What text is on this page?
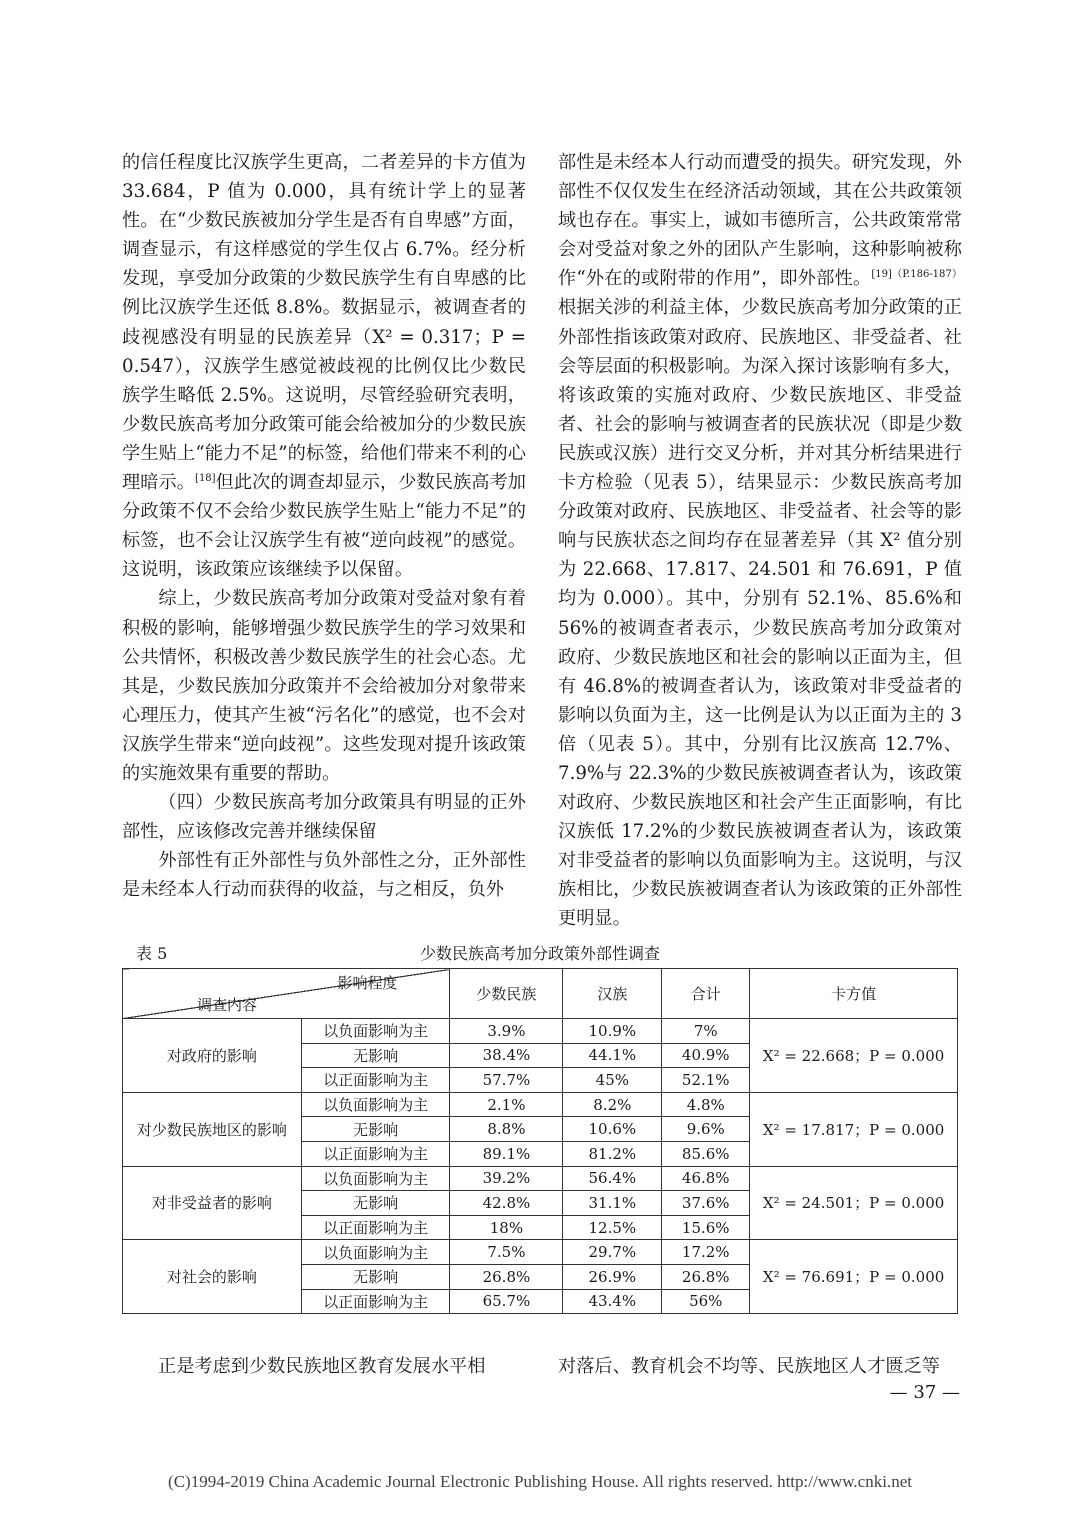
的信任程度比汉族学生更高，二者差异的卡方值为 33.684，P 值为 0.000，具有统计学上的显著性。在“少数民族被加分学生是否有自卑感”方面，调查显示，有这样感觉的学生仅占 6.7%。经分析发现，享受加分政策的少数民族学生有自卑感的比例比汉族学生还低 8.8%。数据显示，被调查者的歧视感没有明显的民族差异（X² = 0.317；P = 0.547），汉族学生感觉被歧视的比例仅比少数民族学生略低 2.5%。这说明，尽管经验研究表明，少数民族高考加分政策可能会给被加分的少数民族学生贴上“能力不足”的标签，给他们带来不利的心理暗示。[18]但此次的调查却显示，少数民族高考加分政策不仅不会给少数民族学生贴上“能力不足”的标签，也不会让汉族学生有被“逆向歧视”的感觉。这说明，该政策应该继续予以保留。

综上，少数民族高考加分政策对受益对象有着积极的影响，能够增强少数民族学生的学习效果和公共情怀，积极改善少数民族学生的社会心态。尤其是，少数民族加分政策并不会给被加分对象带来心理压力，使其产生被“污名化”的感觉，也不会对汉族学生带来“逆向歧视”。这些发现对提升该政策的实施效果有重要的帮助。

（四）少数民族高考加分政策具有明显的正外部性，应该修改完善并继续保留

外部性有正外部性与负外部性之分，正外部性是未经本人行动而获得的收益，与之相反，负外

部性是未经本人行动而遭受的损失。研究发现，外部性不仅仅发生在经济活动领域，其在公共政策领域也存在。事实上，诚如韦德所言，公共政策常常会对受益对象之外的团队产生影响，这种影响被称作“外在的或附带的作用”，即外部性。$^{[19](P.186-187)}$根据关涉的利益主体，少数民族高考加分政策的正外部性指该政策对政府、民族地区、非受益者、社会等层面的积极影响。为深入探讨该影响有多大，将该政策的实施对政府、少数民族地区、非受益者、社会的影响与被调查者的民族状况（即是少数民族或汉族）进行交叉分析，并对其分析结果进行卡方检验（见表 5），结果显示：少数民族高考加分政策对政府、民族地区、非受益者、社会等的影响与民族状态之间均存在显著差异（其 X² 值分别为 22.668、17.817、24.501 和 76.691，P 值均为 0.000）。其中，分别有 52.1%、85.6%和 56%的被调查者表示，少数民族高考加分政策对政府、少数民族地区和社会的影响以正面为主，但有 46.8%的被调查者认为，该政策对非受益者的影响以负面为主，这一比例是认为以正面为主的 3 倍（见表 5）。其中，分别有比汉族高 12.7%、7.9%与 22.3%的少数民族被调查者认为，该政策对政府、少数民族地区和社会产生正面影响，有比汉族低 17.2%的少数民族被调查者认为，该政策对非受益者的影响以负面影响为主。这说明，与汉族相比，少数民族被调查者认为该政策的正外部性更明显。

表 5	少数民族高考加分政策外部性调查
影响程度
调查内容		少数民族	汉族	合计	卡方值
对政府的影响	以负面影响为主	3.9%	10.9%	7%	X² = 22.668；P = 0.000
	无影响	38.4%	44.1%	40.9%	
	以正面影响为主	57.7%	45%	52.1%	
对少数民族地区的影响	以负面影响为主	2.1%	8.2%	4.8%	X² = 17.817；P = 0.000
	无影响	8.8%	10.6%	9.6%	
	以正面影响为主	89.1%	81.2%	85.6%	
对非受益者的影响	以负面影响为主	39.2%	56.4%	46.8%	X² = 24.501；P = 0.000
	无影响	42.8%	31.1%	37.6%	
	以正面影响为主	18%	12.5%	15.6%	
对社会的影响	以负面影响为主	7.5%	29.7%	17.2%	X² = 76.691；P = 0.000
	无影响	26.8%	26.9%	26.8%	
	以正面影响为主	65.7%	43.4%	56%	
正是考虑到少数民族地区教育发展水平相	对落后、教育机会不均等、民族地区人才匮乏等
— 37 —
(C)1994-2019 China Academic Journal Electronic Publishing House. All rights reserved. http://www.cnki.net
